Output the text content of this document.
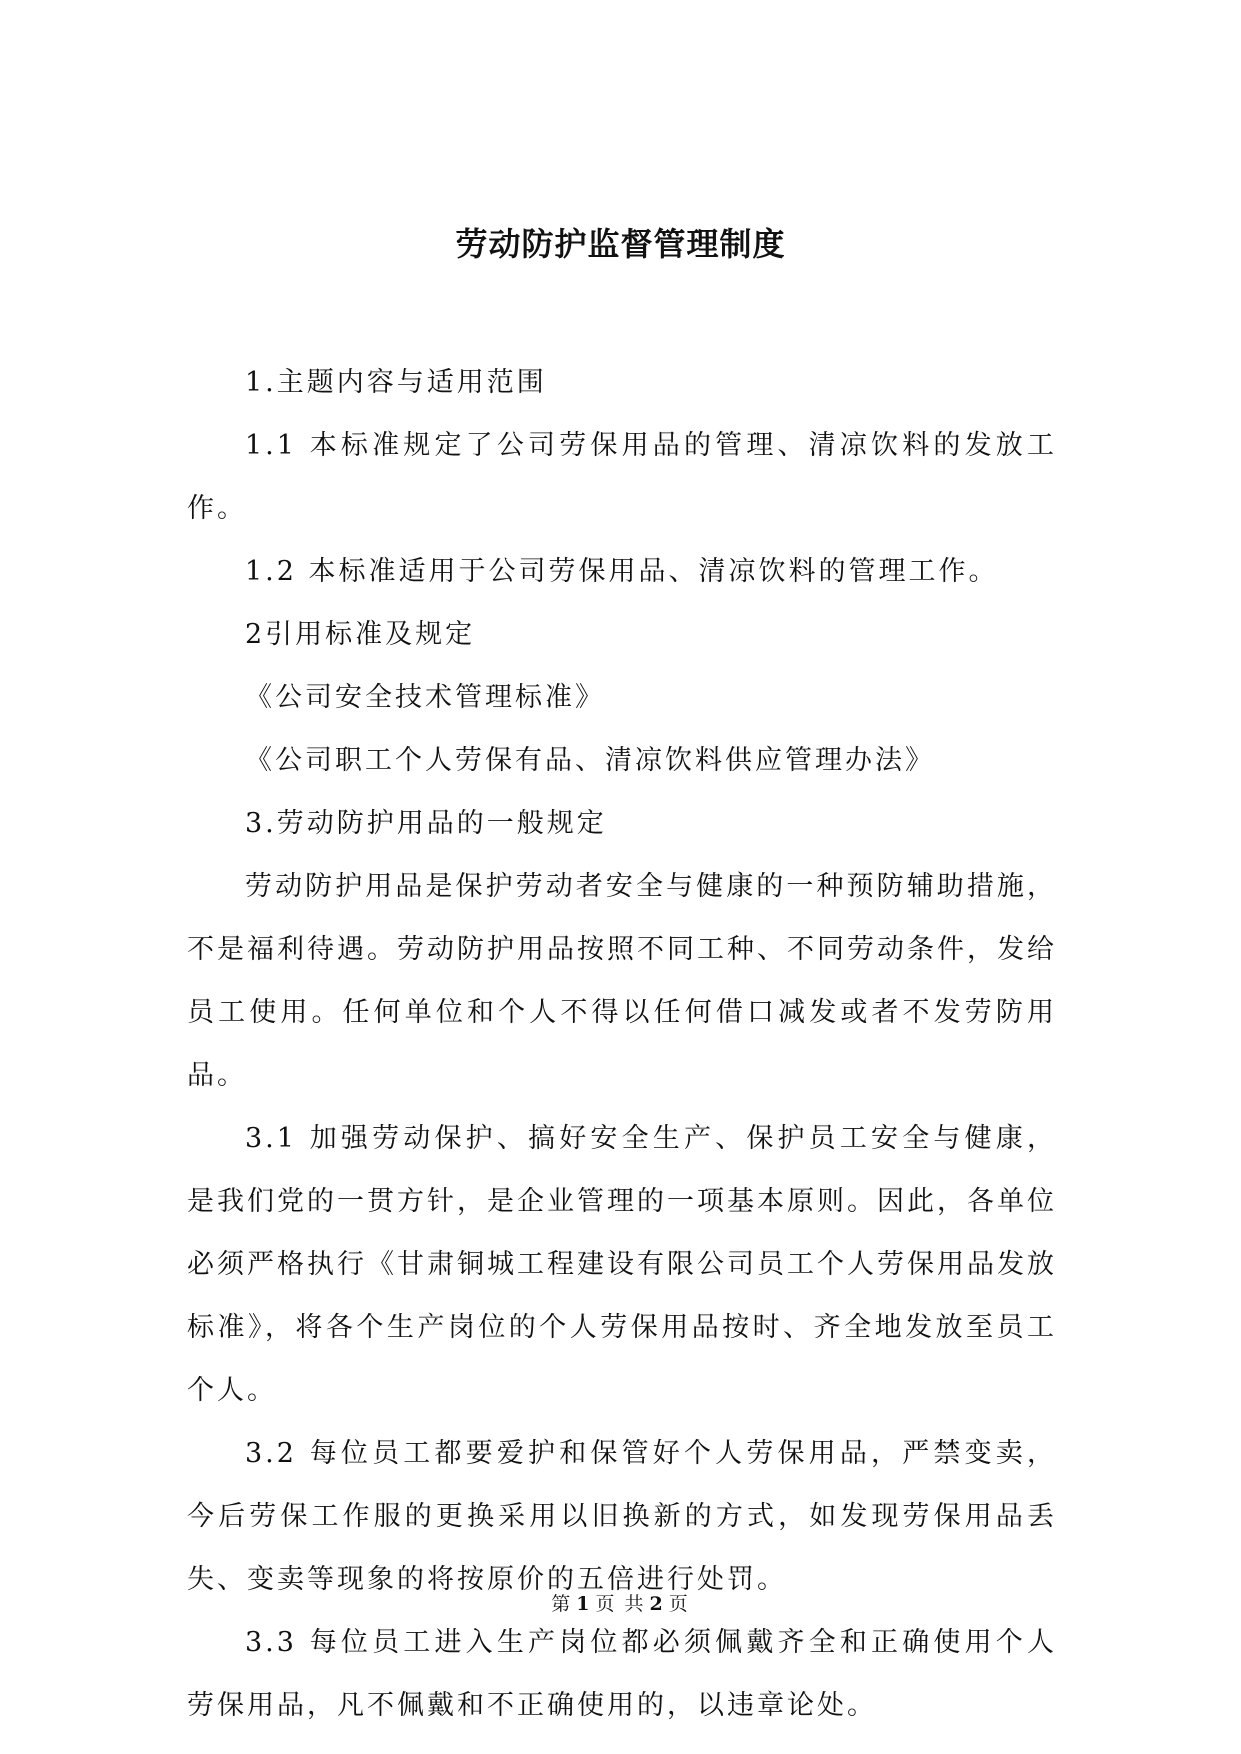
劳动防护监督管理制度

1.主题内容与适用范围

1.1 本标准规定了公司劳保用品的管理、清凉饮料的发放工作。

1.2 本标准适用于公司劳保用品、清凉饮料的管理工作。

2引用标准及规定

《公司安全技术管理标准》

《公司职工个人劳保有品、清凉饮料供应管理办法》

3.劳动防护用品的一般规定

劳动防护用品是保护劳动者安全与健康的一种预防辅助措施，不是福利待遇。劳动防护用品按照不同工种、不同劳动条件，发给员工使用。任何单位和个人不得以任何借口减发或者不发劳防用品。

3.1 加强劳动保护、搞好安全生产、保护员工安全与健康，是我们党的一贯方针，是企业管理的一项基本原则。因此，各单位必须严格执行《甘肃铜城工程建设有限公司员工个人劳保用品发放标准》，将各个生产岗位的个人劳保用品按时、齐全地发放至员工个人。

3.2 每位员工都要爱护和保管好个人劳保用品，严禁变卖，今后劳保工作服的更换采用以旧换新的方式，如发现劳保用品丢失、变卖等现象的将按原价的五倍进行处罚。

3.3 每位员工进入生产岗位都必须佩戴齐全和正确使用个人劳保用品，凡不佩戴和不正确使用的，以违章论处。

第 1 页 共 2 页
